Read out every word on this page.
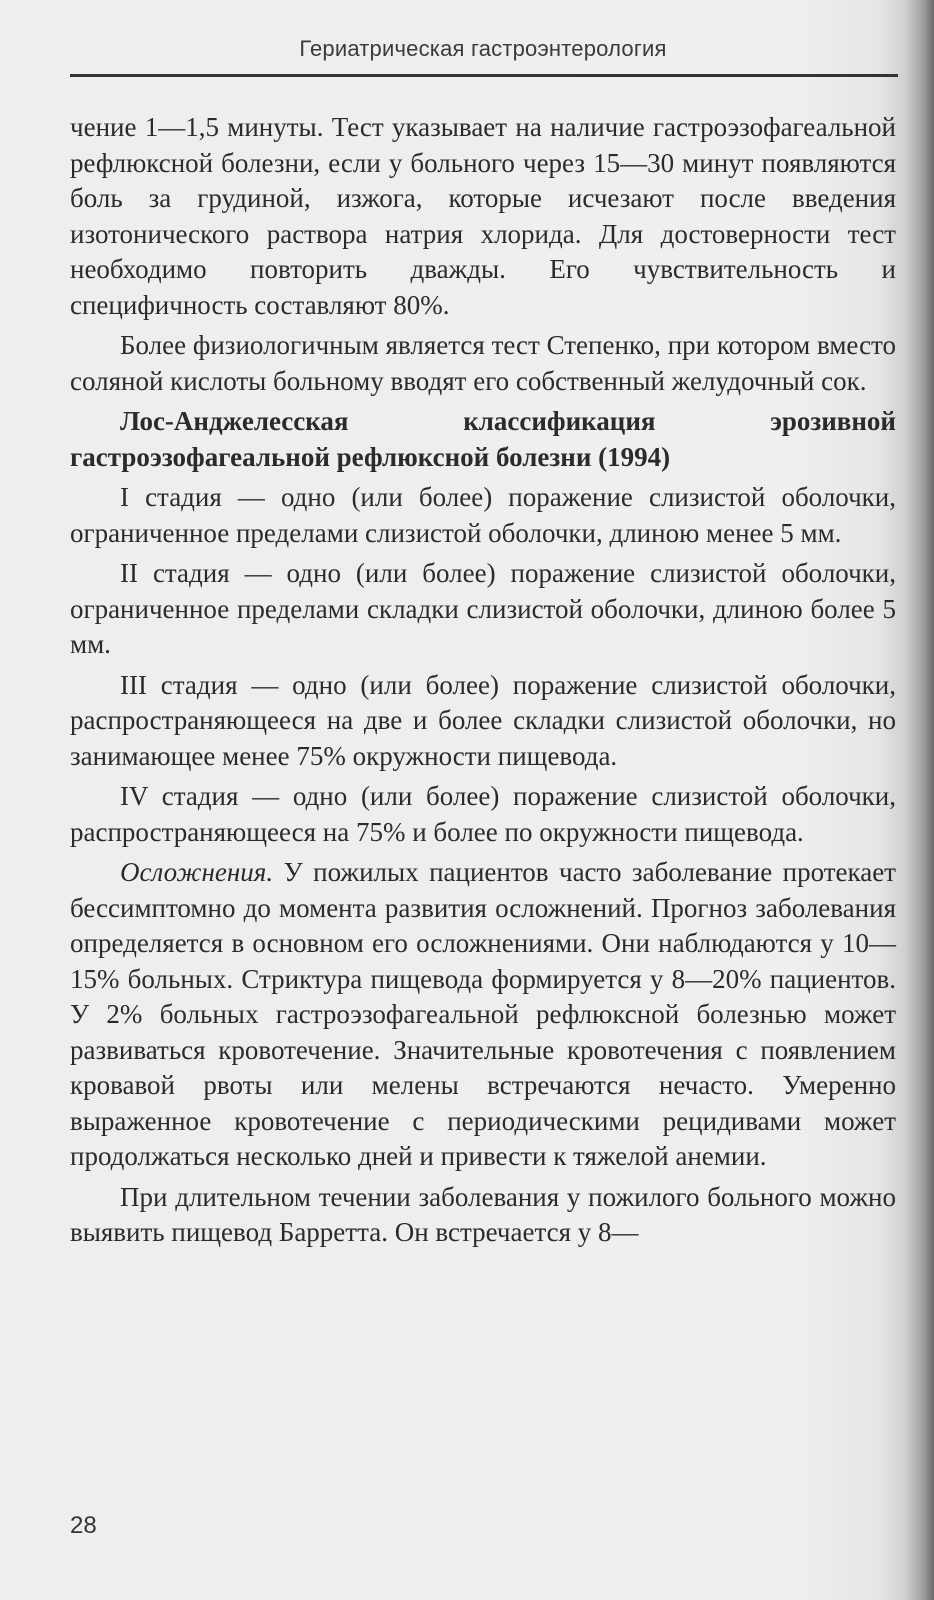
Гериатрическая гастроэнтерология

чение 1—1,5 минуты. Тест указывает на наличие гастроэзофагеальной рефлюксной болезни, если у больного через 15—30 минут появляются боль за грудиной, изжога, которые исчезают после введения изотонического раствора натрия хлорида. Для достоверности тест необходимо повторить дважды. Его чувствительность и специфичность составляют 80%.

Более физиологичным является тест Степенко, при котором вместо соляной кислоты больному вводят его собственный желудочный сок.

Лос-Анджелесская классификация эрозивной гастроэзофагеальной рефлюксной болезни (1994)

I стадия — одно (или более) поражение слизистой оболочки, ограниченное пределами слизистой оболочки, длиною менее 5 мм.

II стадия — одно (или более) поражение слизистой оболочки, ограниченное пределами складки слизистой оболочки, длиною более 5 мм.

III стадия — одно (или более) поражение слизистой оболочки, распространяющееся на две и более складки слизистой оболочки, но занимающее менее 75% окружности пищевода.

IV стадия — одно (или более) поражение слизистой оболочки, распространяющееся на 75% и более по окружности пищевода.

Осложнения. У пожилых пациентов часто заболевание протекает бессимптомно до момента развития осложнений. Прогноз заболевания определяется в основном его осложнениями. Они наблюдаются у 10—15% больных. Стриктура пищевода формируется у 8—20% пациентов. У 2% больных гастроэзофагеальной рефлюксной болезнью может развиваться кровотечение. Значительные кровотечения с появлением кровавой рвоты или мелены встречаются нечасто. Умеренно выраженное кровотечение с периодическими рецидивами может продолжаться несколько дней и привести к тяжелой анемии.

При длительном течении заболевания у пожилого больного можно выявить пищевод Барретта. Он встречается у 8—

28
